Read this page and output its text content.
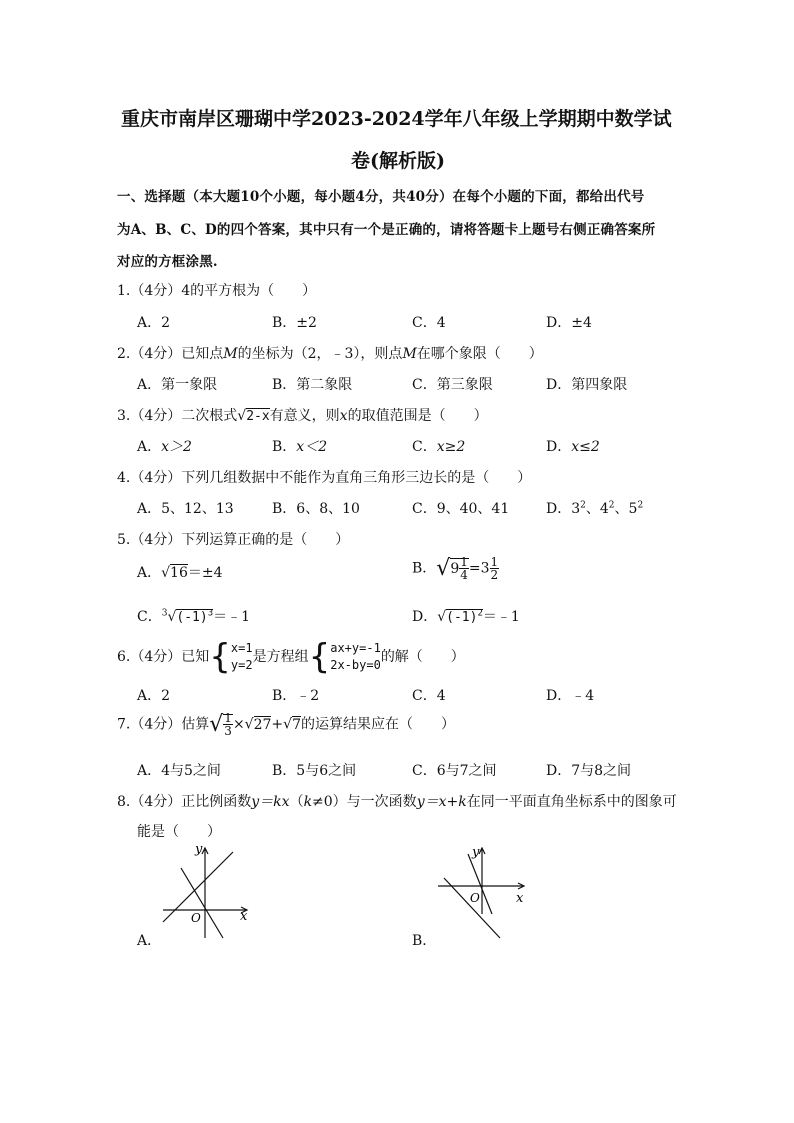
重庆市南岸区珊瑚中学2023-2024学年八年级上学期期中数学试
卷(解析版)
一、选择题（本大题10个小题，每小题4分，共40分）在每个小题的下面，都给出代号
为A、B、C、D的四个答案，其中只有一个是正确的，请将答题卡上题号右侧正确答案所
对应的方框涂黑.
1.（4分）4的平方根为（　　）
A．2	B．±2	C．4	D．±4
2.（4分）已知点M的坐标为（2，﹣3），则点M在哪个象限（　　）
A．第一象限	B．第二象限	C．第三象限	D．第四象限
3.（4分）二次根式√2-x有意义，则x的取值范围是（　　）
A．x＞2	B．x＜2	C．x≥2	D．x≤2
4.（4分）下列几组数据中不能作为直角三角形三边长的是（　　）
A．5、12、13	B．6、8、10	C．9、40、41	D．$3^2$、$4^2$、$5^2$
5.（4分）下列运算正确的是（　　）
A．√16＝±4	B．$√9 \frac{1}{4} =3 \frac{1}{2}$
C．$^3√(-1)^3=﹣1$	D．$√(-1)^2=﹣1$
6.（4分）已知{ x=1
y=2 是方程组{ ax+y=-1
2x-by=0 的解（　　）
A．2	B．﹣2	C．4	D．﹣4
7.（4分）估算√ $\frac{1}{3} \times√27+√7$的运算结果应在（　　）
A．4与5之间	B．5与6之间	C．6与7之间	D．7与8之间
8.（4分）正比例函数y＝kx（k≠0）与一次函数y＝x+k在同一平面直角坐标系中的图象可
能是（　　）
y
x
O
A．
y
x
O
B．
